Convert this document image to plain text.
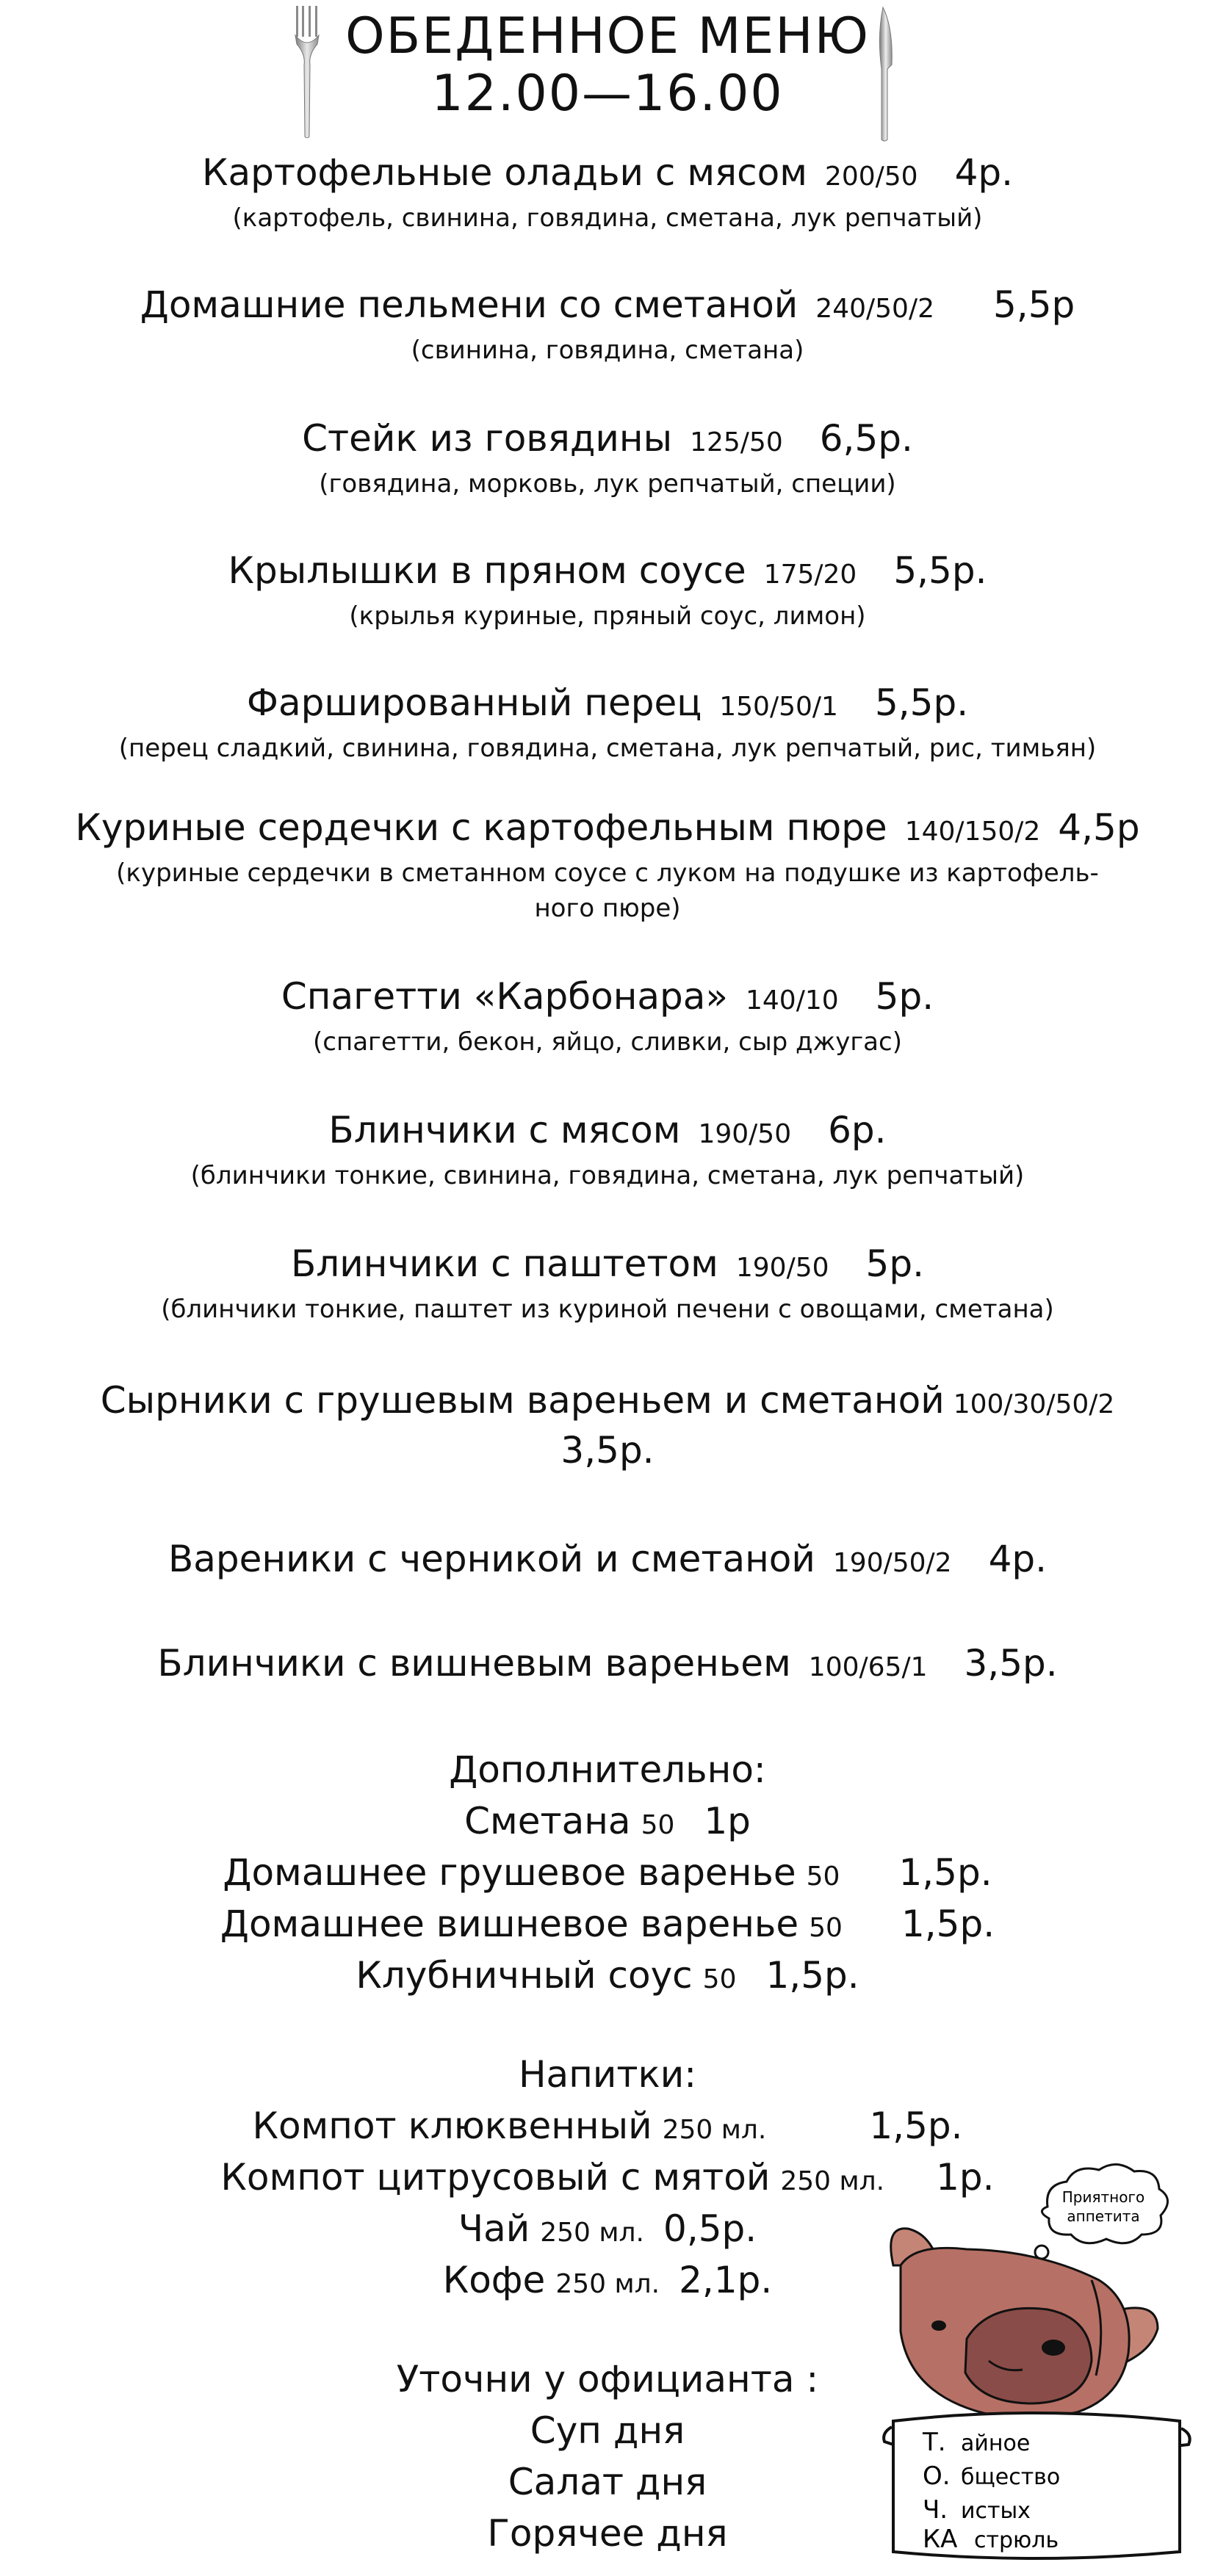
ОБЕДЕННОЕ МЕНЮ
12.00—16.00
Картофельные оладьи с мясом 200/50 4р.
(картофель, свинина, говядина, сметана, лук репчатый)
Домашние пельмени со сметаной 240/50/2 5,5р
(свинина, говядина, сметана)
Стейк из говядины 125/50 6,5р.
(говядина, морковь, лук репчатый, специи)
Крылышки в пряном соусе 175/20 5,5р.
(крылья куриные, пряный соус, лимон)
Фаршированный перец 150/50/1 5,5р.
(перец сладкий, свинина, говядина, сметана, лук репчатый, рис, тимьян)
Куриные сердечки с картофельным пюре 140/150/2 4,5р
(куриные сердечки в сметанном соусе с луком на подушке из картофель-
ного пюре)
Спагетти «Карбонара» 140/10 5р.
(спагетти, бекон, яйцо, сливки, сыр джугас)
Блинчики с мясом 190/50 6р.
(блинчики тонкие, свинина, говядина, сметана, лук репчатый)
Блинчики с паштетом 190/50 5р.
(блинчики тонкие, паштет из куриной печени с овощами, сметана)
Сырники с грушевым вареньем и сметаной 100/30/50/2
3,5р.
Вареники с черникой и сметаной 190/50/2 4р.
Блинчики с вишневым вареньем 100/65/1 3,5р.
Дополнительно:
Сметана 50 1р
Домашнее грушевое варенье 50 1,5р.
Домашнее вишневое варенье 50 1,5р.
Клубничный соус 50 1,5р.
Напитки:
Компот клюквенный 250 мл.	1,5р.
Компот цитрусовый с мятой 250 мл. 1р.
Чай 250 мл. 0,5р.
Кофе 250 мл. 2,1р.
Уточни у официанта :
Суп дня
Салат дня
Горячее дня
Приятного
аппетита
Т. айное
О. бщество
Ч. истых
КА стрюль
